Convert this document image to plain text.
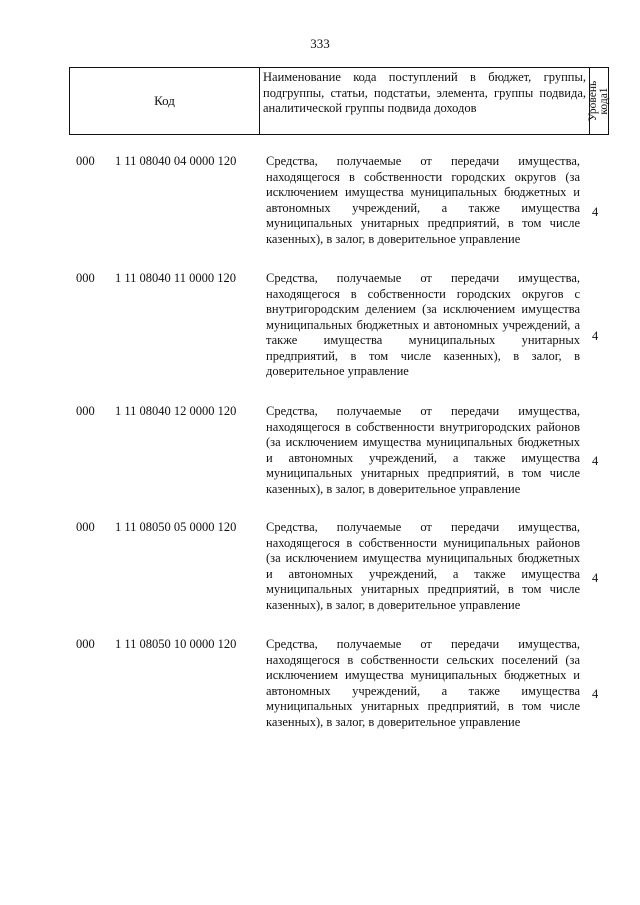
333
Код
Наименование кода поступлений в бюджет, группы, подгруппы, статьи, подстатьи, элемента, группы подвида, аналитической группы подвида доходов	Уровень кода1
000 1 11 08040 04 0000 120 Средства, получаемые от передачи имущества, находящегося в собственности городских округов (за исключением имущества муниципальных бюджетных и автономных учреждений, а также имущества муниципальных унитарных предприятий, в том числе казенных), в залог, в доверительное управление

4
000 1 11 08040 11 0000 120 Средства, получаемые от передачи имущества, находящегося в собственности городских округов с внутригородским делением (за исключением имущества муниципальных бюджетных и автономных учреждений, а также имущества муниципальных унитарных предприятий, в том числе казенных), в залог, в доверительное управление

4
000 1 11 08040 12 0000 120 Средства, получаемые от передачи имущества, находящегося в собственности внутригородских районов (за исключением имущества муниципальных бюджетных и автономных учреждений, а также имущества муниципальных унитарных предприятий, в том числе казенных), в залог, в доверительное управление

4
000 1 11 08050 05 0000 120 Средства, получаемые от передачи имущества, находящегося в собственности муниципальных районов (за исключением имущества муниципальных бюджетных и автономных учреждений, а также имущества муниципальных унитарных предприятий, в том числе казенных), в залог, в доверительное управление

4
000 1 11 08050 10 0000 120 Средства, получаемые от передачи имущества, находящегося в собственности сельских поселений (за исключением имущества муниципальных бюджетных и автономных учреждений, а также имущества муниципальных унитарных предприятий, в том числе казенных), в залог, в доверительное управление

4
